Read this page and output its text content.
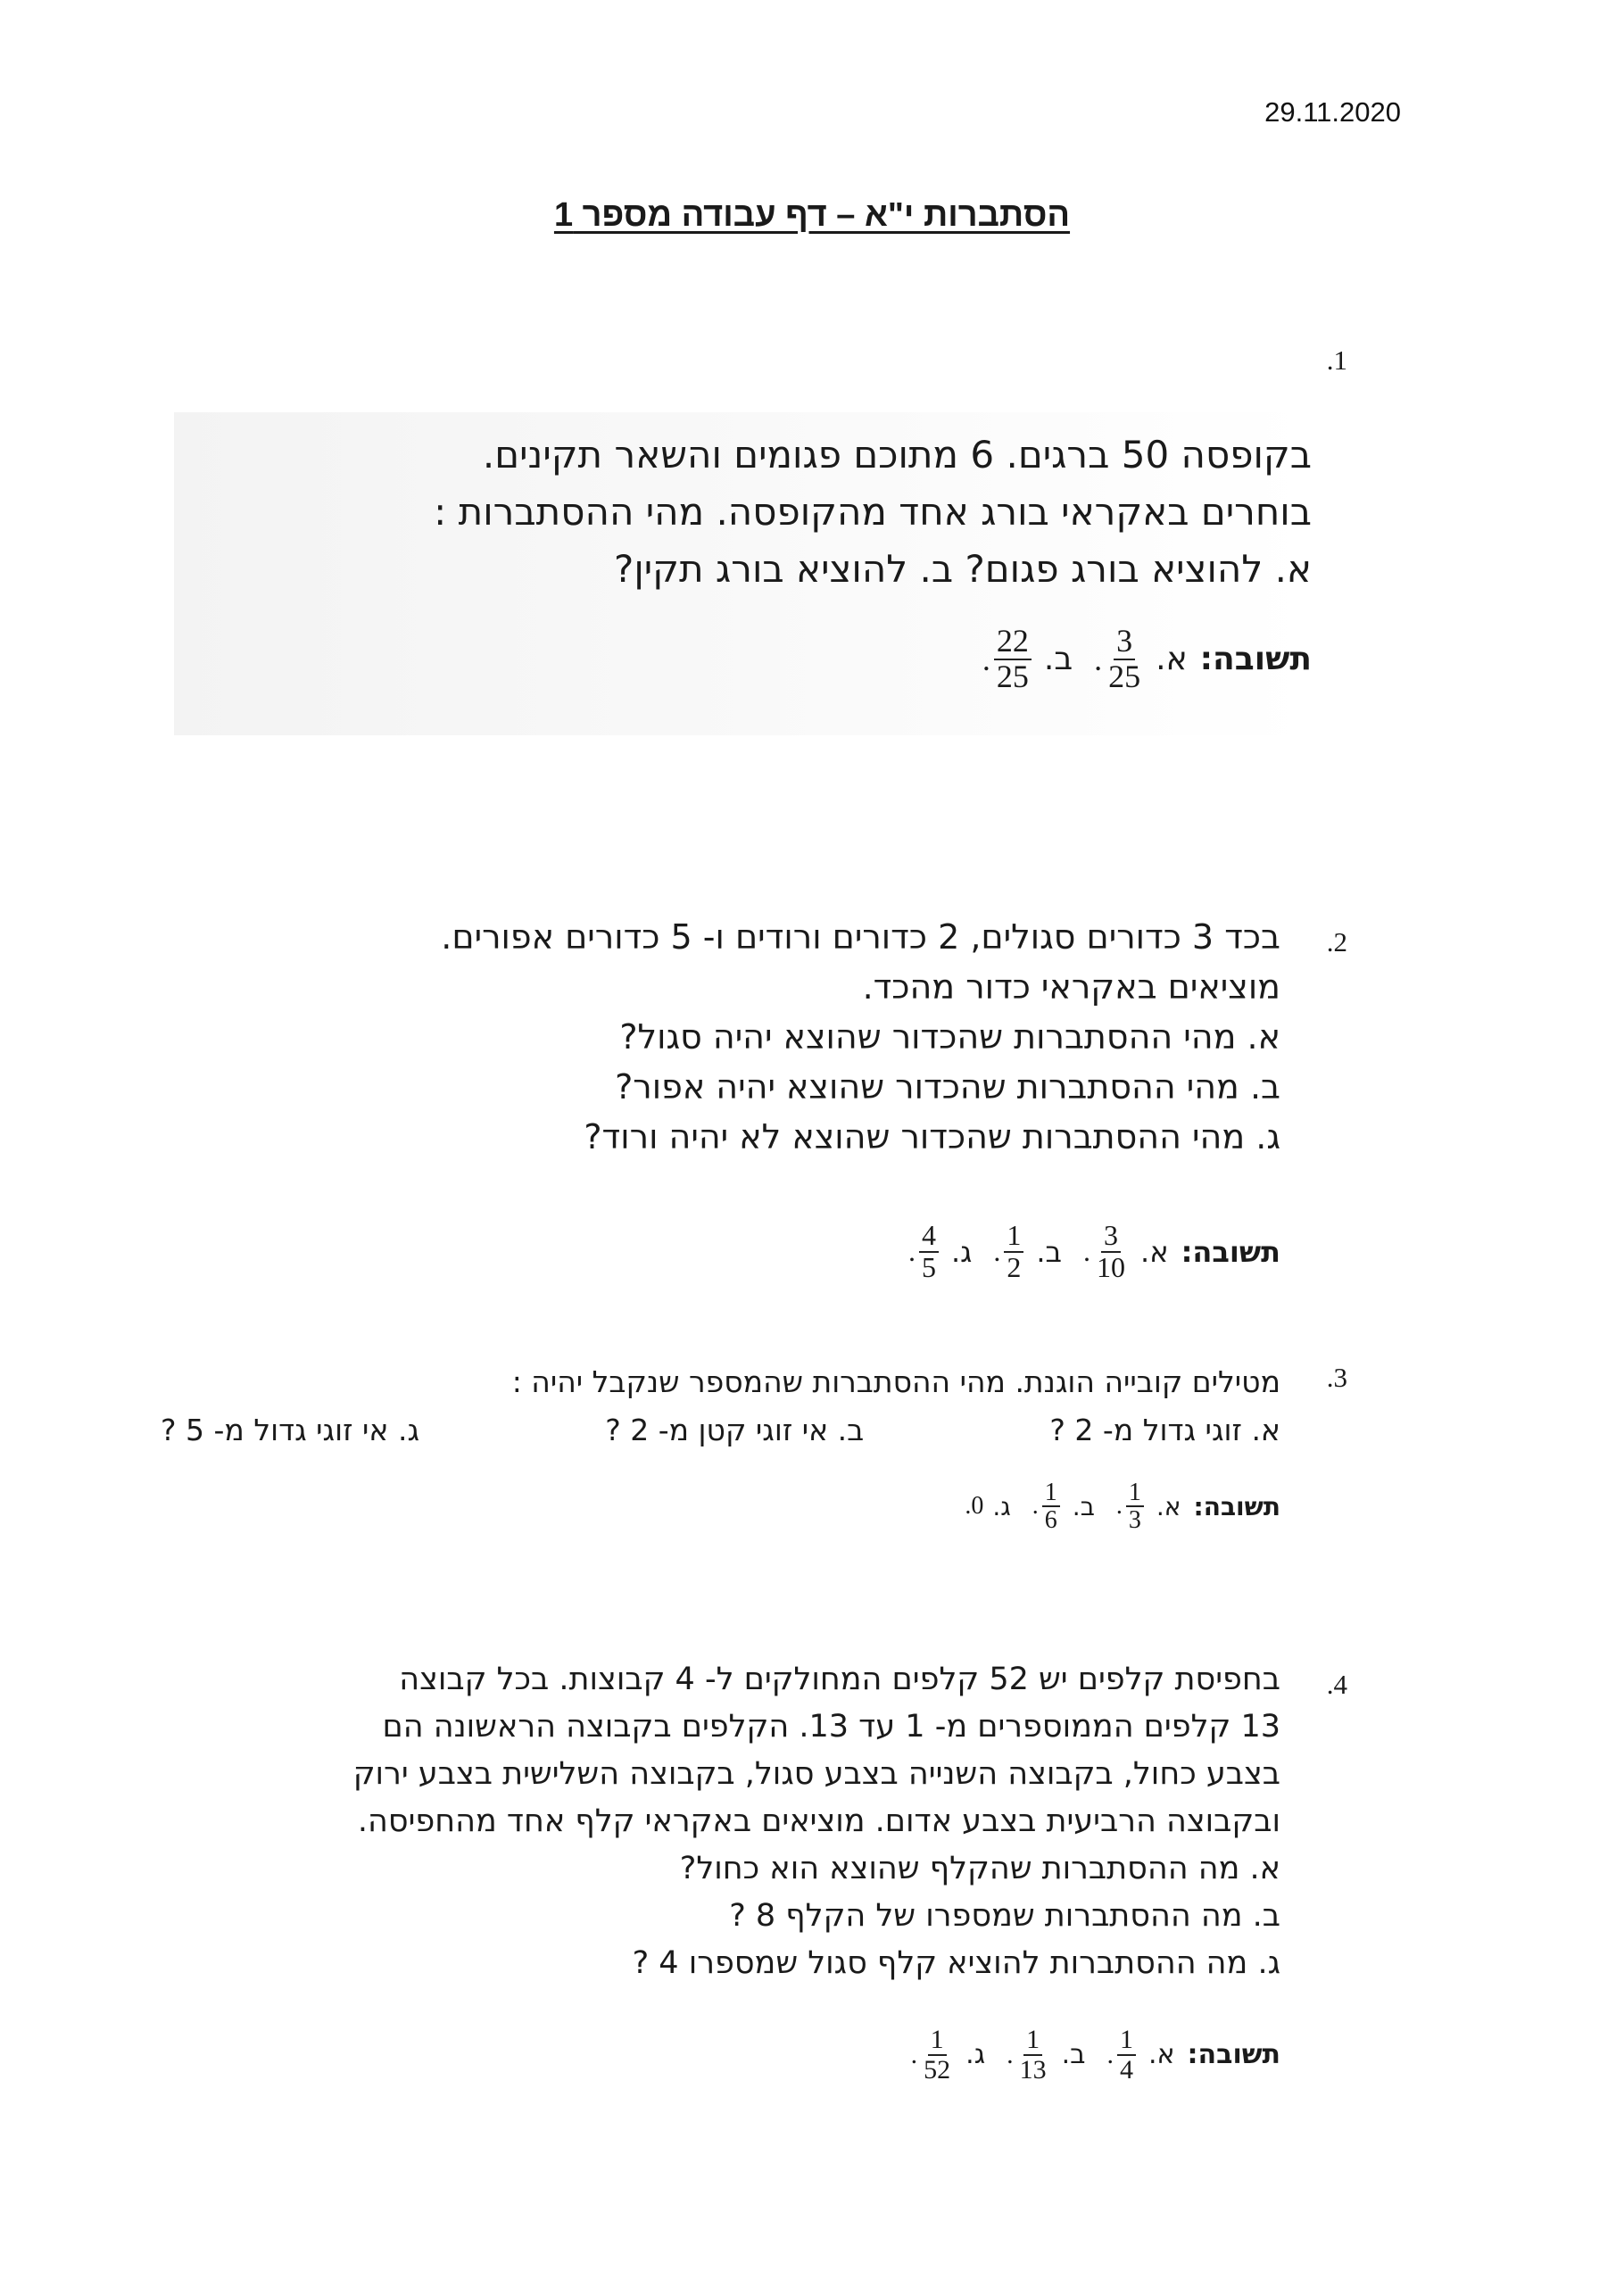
29.11.2020
הסתברות י"א – דף עבודה מספר 1
.1
בקופסה 50 ברגים. 6 מתוכם פגומים והשאר תקינים.
בוחרים באקראי בורג אחד מהקופסה. מהי ההסתברות :
א. להוציא בורג פגום? ב. להוציא בורג תקין?
תשובה:
א.
$\frac{3}{25}$
.
ב.
$\frac{22}{25}$
.
.2
בכד 3 כדורים סגולים, 2 כדורים ורודים ו- 5 כדורים אפורים.
מוציאים באקראי כדור מהכד.
א. מהי ההסתברות שהכדור שהוצא יהיה סגול?
ב. מהי ההסתברות שהכדור שהוצא יהיה אפור?
ג. מהי ההסתברות שהכדור שהוצא לא יהיה ורוד?
תשובה:
א.
$\frac{3}{10}$
.
ב.
$\frac{1}{2}$
.
ג.
$\frac{4}{5}$
.
.3
מטילים קובייה הוגנת. מהי ההסתברות שהמספר שנקבל יהיה :
א. זוגי גדול מ- 2 ?
ב. אי זוגי קטן מ- 2 ?
ג. אי זוגי גדול מ- 5 ?
תשובה:
א.
$\frac{1}{3}$
.
ב.
$\frac{1}{6}$
.
ג.
0
.
.4
בחפיסת קלפים יש 52 קלפים המחולקים ל- 4 קבוצות. בכל קבוצה
13 קלפים הממוספרים מ- 1 עד 13. הקלפים בקבוצה הראשונה הם
בצבע כחול, בקבוצה השנייה בצבע סגול, בקבוצה השלישית בצבע ירוק
ובקבוצה הרביעית בצבע אדום. מוציאים באקראי קלף אחד מהחפיסה.
א. מה ההסתברות שהקלף שהוצא הוא כחול?
ב. מה ההסתברות שמספרו של הקלף 8 ?
ג. מה ההסתברות להוציא קלף סגול שמספרו 4 ?
תשובה:
א.
$\frac{1}{4}$
.
ב.
$\frac{1}{13}$
.
ג.
$\frac{1}{52}$
.
